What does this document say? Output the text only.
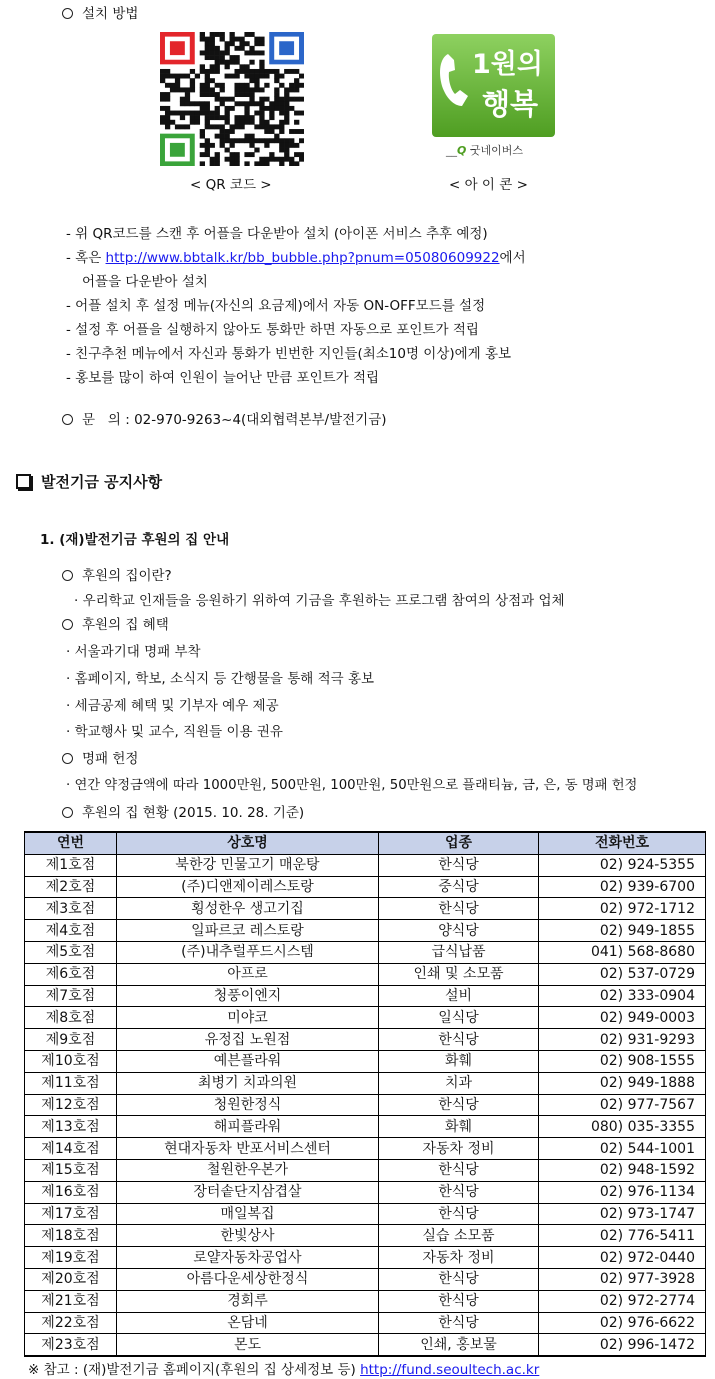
설치 방법
< QR 코드 >
1원의
행복
__Q 굿네이버스
< 아 이 콘 >
- 위 QR코드를 스캔 후 어플을 다운받아 설치 (아이폰 서비스 추후 예정)
- 혹은 http://www.bbtalk.kr/bb_bubble.php?pnum=05080609922에서
어플을 다운받아 설치
- 어플 설치 후 설정 메뉴(자신의 요금제)에서 자동 ON-OFF모드를 설정
- 설정 후 어플을 실행하지 않아도 통화만 하면 자동으로 포인트가 적립
- 친구추천 메뉴에서 자신과 통화가 빈번한 지인들(최소10명 이상)에게 홍보
- 홍보를 많이 하여 인원이 늘어난 만큼 포인트가 적립
문   의 : 02-970-9263~4(대외협력본부/발전기금)
발전기금 공지사항
1. (재)발전기금 후원의 집 안내
후원의 집이란?
· 우리학교 인재들을 응원하기 위하여 기금을 후원하는 프로그램 참여의 상점과 업체
후원의 집 혜택
· 서울과기대 명패 부착
· 홈페이지, 학보, 소식지 등 간행물을 통해 적극 홍보
· 세금공제 혜택 및 기부자 예우 제공
· 학교행사 및 교수, 직원들 이용 권유
명패 헌정
· 연간 약정금액에 따라 1000만원, 500만원, 100만원, 50만원으로 플래티늄, 금, 은, 동 명패 헌정
후원의 집 현황 (2015. 10. 28. 기준)
연번	상호명	업종	전화번호
제1호점	북한강 민물고기 매운탕	한식당	02) 924-5355
제2호점	(주)디앤제이레스토랑	중식당	02) 939-6700
제3호점	횡성한우 생고기집	한식당	02) 972-1712
제4호점	일파르코 레스토랑	양식당	02) 949-1855
제5호점	(주)내추럴푸드시스템	급식납품	041) 568-8680
제6호점	아프로	인쇄 및 소모품	02) 537-0729
제7호점	청풍이엔지	설비	02) 333-0904
제8호점	미야코	일식당	02) 949-0003
제9호점	유정집 노원점	한식당	02) 931-9293
제10호점	예븐플라워	화훼	02) 908-1555
제11호점	최병기 치과의원	치과	02) 949-1888
제12호점	청원한정식	한식당	02) 977-7567
제13호점	해피플라워	화훼	080) 035-3355
제14호점	현대자동차 반포서비스센터	자동차 정비	02) 544-1001
제15호점	철원한우본가	한식당	02) 948-1592
제16호점	장터솥단지삼겹살	한식당	02) 976-1134
제17호점	매일복집	한식당	02) 973-1747
제18호점	한빛상사	실습 소모품	02) 776-5411
제19호점	로얄자동차공업사	자동차 정비	02) 972-0440
제20호점	아름다운세상한정식	한식당	02) 977-3928
제21호점	경회루	한식당	02) 972-2774
제22호점	온담네	한식당	02) 976-6622
제23호점	몬도	인쇄, 홍보물	02) 996-1472
※ 참고 : (재)발전기금 홈페이지(후원의 집 상세정보 등) http://fund.seoultech.ac.kr
